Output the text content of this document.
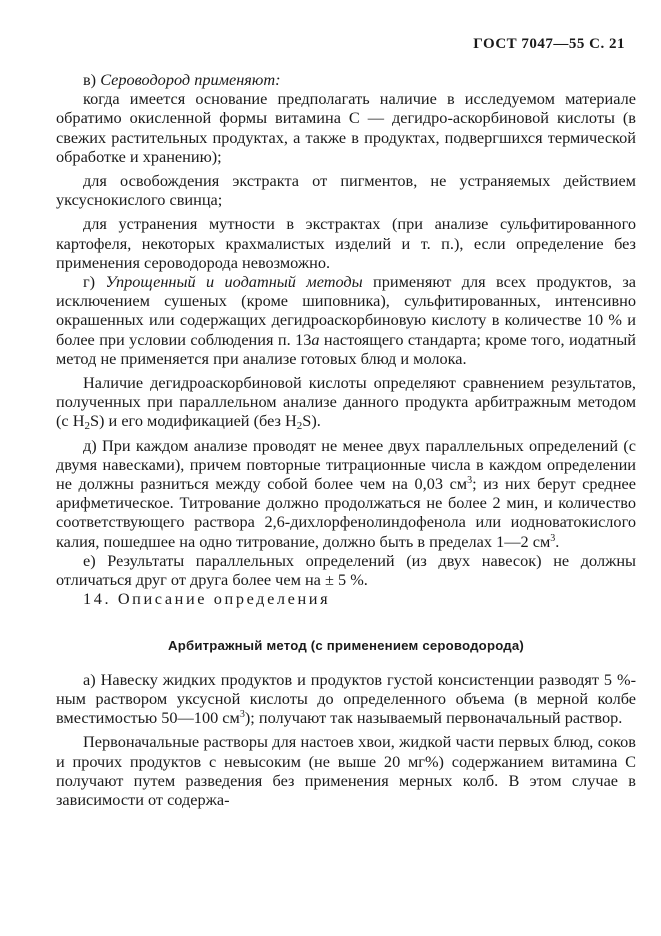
ГОСТ 7047—55 С. 21

в) Сероводород применяют:

когда имеется основание предполагать наличие в исследуемом материале обратимо окисленной формы витамина С — дегидро-аскорбиновой кислоты (в свежих растительных продуктах, а также в продуктах, подвергшихся термической обработке и хранению);

для освобождения экстракта от пигментов, не устраняемых действием уксуснокислого свинца;

для устранения мутности в экстрактах (при анализе сульфитированного картофеля, некоторых крахмалистых изделий и т. п.), если определение без применения сероводорода невозможно.

г) Упрощенный и иодатный методы применяют для всех продуктов, за исключением сушеных (кроме шиповника), сульфитированных, интенсивно окрашенных или содержащих дегидроаскорбиновую кислоту в количестве 10 % и более при условии соблюдения п. 13а настоящего стандарта; кроме того, иодатный метод не применяется при анализе готовых блюд и молока.

Наличие дегидроаскорбиновой кислоты определяют сравнением результатов, полученных при параллельном анализе данного продукта арбитражным методом (с $H_2S$) и его модификацией (без $H_2S$).

д) При каждом анализе проводят не менее двух параллельных определений (с двумя навесками), причем повторные титрационные числа в каждом определении не должны разниться между собой более чем на 0,03 $см^3$; из них берут среднее арифметическое. Титрование должно продолжаться не более 2 мин, и количество соответствующего раствора 2,6-дихлорфенолиндофенола или иодноватокислого калия, пошедшее на одно титрование, должно быть в пределах 1—2 $см^3$.

е) Результаты параллельных определений (из двух навесок) не должны отличаться друг от друга более чем на ± 5 %.

14. Описание определения

Арбитражный метод (с применением сероводорода)

а) Навеску жидких продуктов и продуктов густой консистенции разводят 5 %-ным раствором уксусной кислоты до определенного объема (в мерной колбе вместимостью 50—100 $см^3$); получают так называемый первоначальный раствор.

Первоначальные растворы для настоев хвои, жидкой части первых блюд, соков и прочих продуктов с невысоким (не выше 20 мг%) содержанием витамина С получают путем разведения без применения мерных колб. В этом случае в зависимости от содержа-
